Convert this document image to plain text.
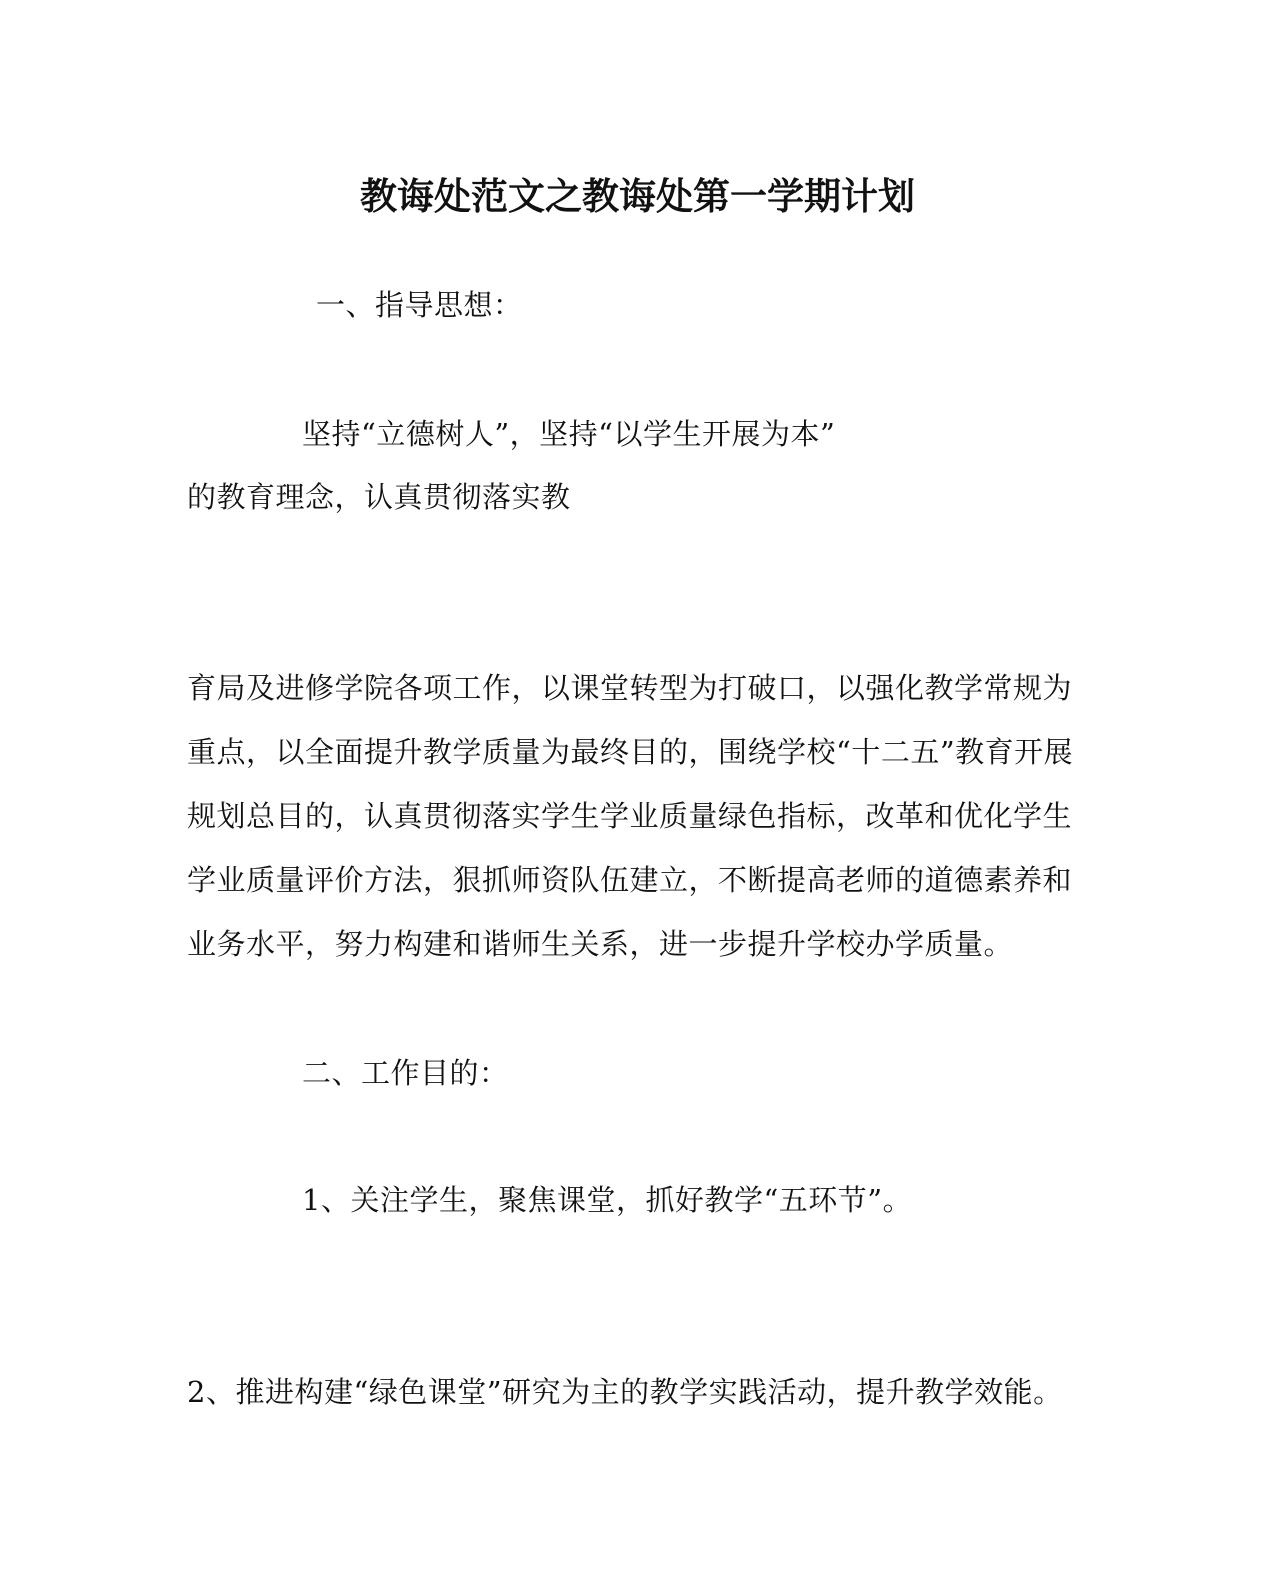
教诲处范文之教诲处第一学期计划
一、指导思想：
坚持“立德树人”，坚持“以学生开展为本”
的教育理念，认真贯彻落实教
育局及进修学院各项工作，以课堂转型为打破口，以强化教学常规为
重点，以全面提升教学质量为最终目的，围绕学校“十二五”教育开展
规划总目的，认真贯彻落实学生学业质量绿色指标，改革和优化学生
学业质量评价方法，狠抓师资队伍建立，不断提高老师的道德素养和
业务水平，努力构建和谐师生关系，进一步提升学校办学质量。
二、工作目的：
1、关注学生，聚焦课堂，抓好教学“五环节”。
2、推进构建“绿色课堂”研究为主的教学实践活动，提升教学效能。
